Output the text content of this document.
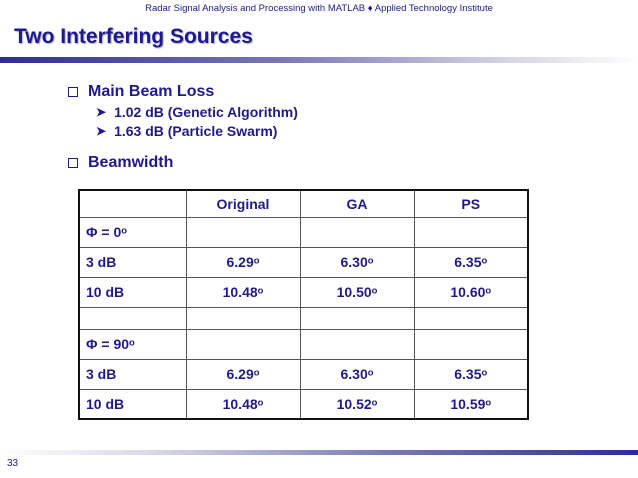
Radar Signal Analysis and Processing with MATLAB ♦ Applied Technology Institute
Two Interfering Sources
Main Beam Loss
➤ 1.02 dB (Genetic Algorithm)
➤ 1.63 dB (Particle Swarm)
Beamwidth
	Original	GA	PS
Φ = 0ᵒ			
3 dB	6.29ᵒ	6.30ᵒ	6.35ᵒ
10 dB	10.48ᵒ	10.50ᵒ	10.60ᵒ

Φ = 90ᵒ			
3 dB	6.29ᵒ	6.30ᵒ	6.35ᵒ
10 dB	10.48ᵒ	10.52ᵒ	10.59ᵒ
33
